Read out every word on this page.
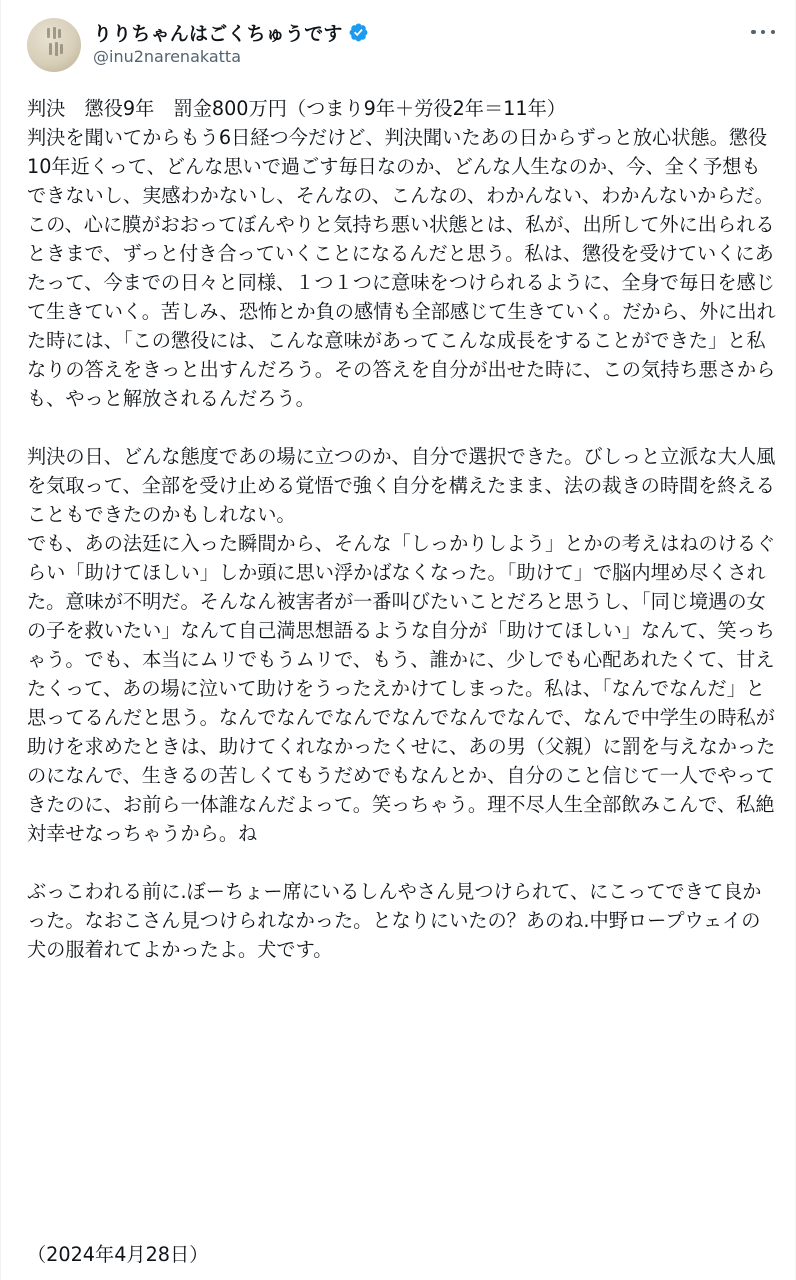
りりちゃんはごくちゅうです
@inu2narenakatta

判決　懲役9年　罰金800万円（つまり9年＋労役2年＝11年）

判決を聞いてからもう6日経つ今だけど、判決聞いたあの日からずっと放心状態。懲役10年近くって、どんな思いで過ごす毎日なのか、どんな人生なのか、今、全く予想もできないし、実感わかないし、そんなの、こんなの、わかんない、わかんないからだ。この、心に膜がおおってぼんやりと気持ち悪い状態とは、私が、出所して外に出られるときまで、ずっと付き合っていくことになるんだと思う。私は、懲役を受けていくにあたって、今までの日々と同様、１つ１つに意味をつけられるように、全身で毎日を感じて生きていく。苦しみ、恐怖とか負の感情も全部感じて生きていく。だから、外に出れた時には、「この懲役には、こんな意味があってこんな成長をすることができた」と私なりの答えをきっと出すんだろう。その答えを自分が出せた時に、この気持ち悪さからも、やっと解放されるんだろう。

判決の日、どんな態度であの場に立つのか、自分で選択できた。びしっと立派な大人風を気取って、全部を受け止める覚悟で強く自分を構えたまま、法の裁きの時間を終えることもできたのかもしれない。

でも、あの法廷に入った瞬間から、そんな「しっかりしよう」とかの考えはねのけるぐらい「助けてほしい」しか頭に思い浮かばなくなった。「助けて」で脳内埋め尽くされた。意味が不明だ。そんなん被害者が一番叫びたいことだろと思うし、「同じ境遇の女の子を救いたい」なんて自己満思想語るような自分が「助けてほしい」なんて、笑っちゃう。でも、本当にムリでもうムリで、もう、誰かに、少しでも心配あれたくて、甘えたくって、あの場に泣いて助けをうったえかけてしまった。私は、「なんでなんだ」と思ってるんだと思う。なんでなんでなんでなんでなんでなんで、なんで中学生の時私が助けを求めたときは、助けてくれなかったくせに、あの男（父親）に罰を与えなかったのになんで、生きるの苦しくてもうだめでもなんとか、自分のこと信じて一人でやってきたのに、お前ら一体誰なんだよって。笑っちゃう。理不尽人生全部飲みこんで、私絶対幸せなっちゃうから。ね

ぶっこわれる前に.ぼーちょー席にいるしんやさん見つけられて、にこってできて良かった。なおこさん見つけられなかった。となりにいたの？あのね.中野ロープウェイの犬の服着れてよかったよ。犬です。

（2024年4月28日）
